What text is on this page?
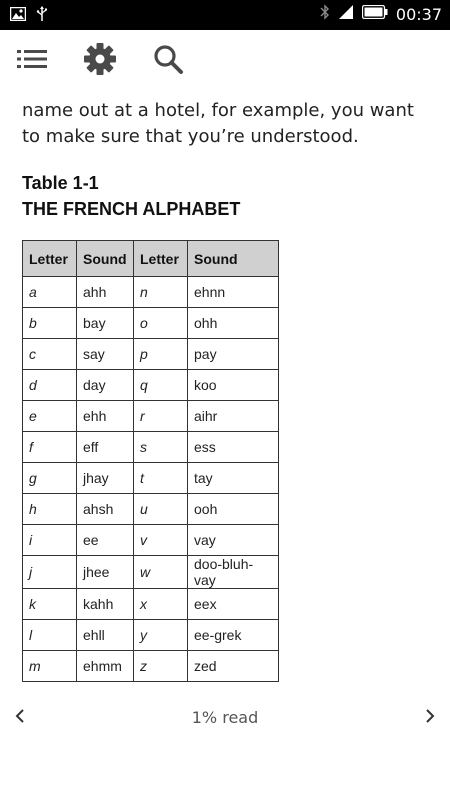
00:37

name out at a hotel, for example, you want to make sure that you’re understood.

Table 1-1
THE FRENCH ALPHABET
Letter	Sound	Letter	Sound
a	ahh	n	ehnn
b	bay	o	ohh
c	say	p	pay
d	day	q	koo
e	ehh	r	aihr
f	eff	s	ess
g	jhay	t	tay
h	ahsh	u	ooh
i	ee	v	vay
j	jhee	w	doo-bluh-vay
k	kahh	x	eex
l	ehll	y	ee-grek
m	ehmm	z	zed
1% read
